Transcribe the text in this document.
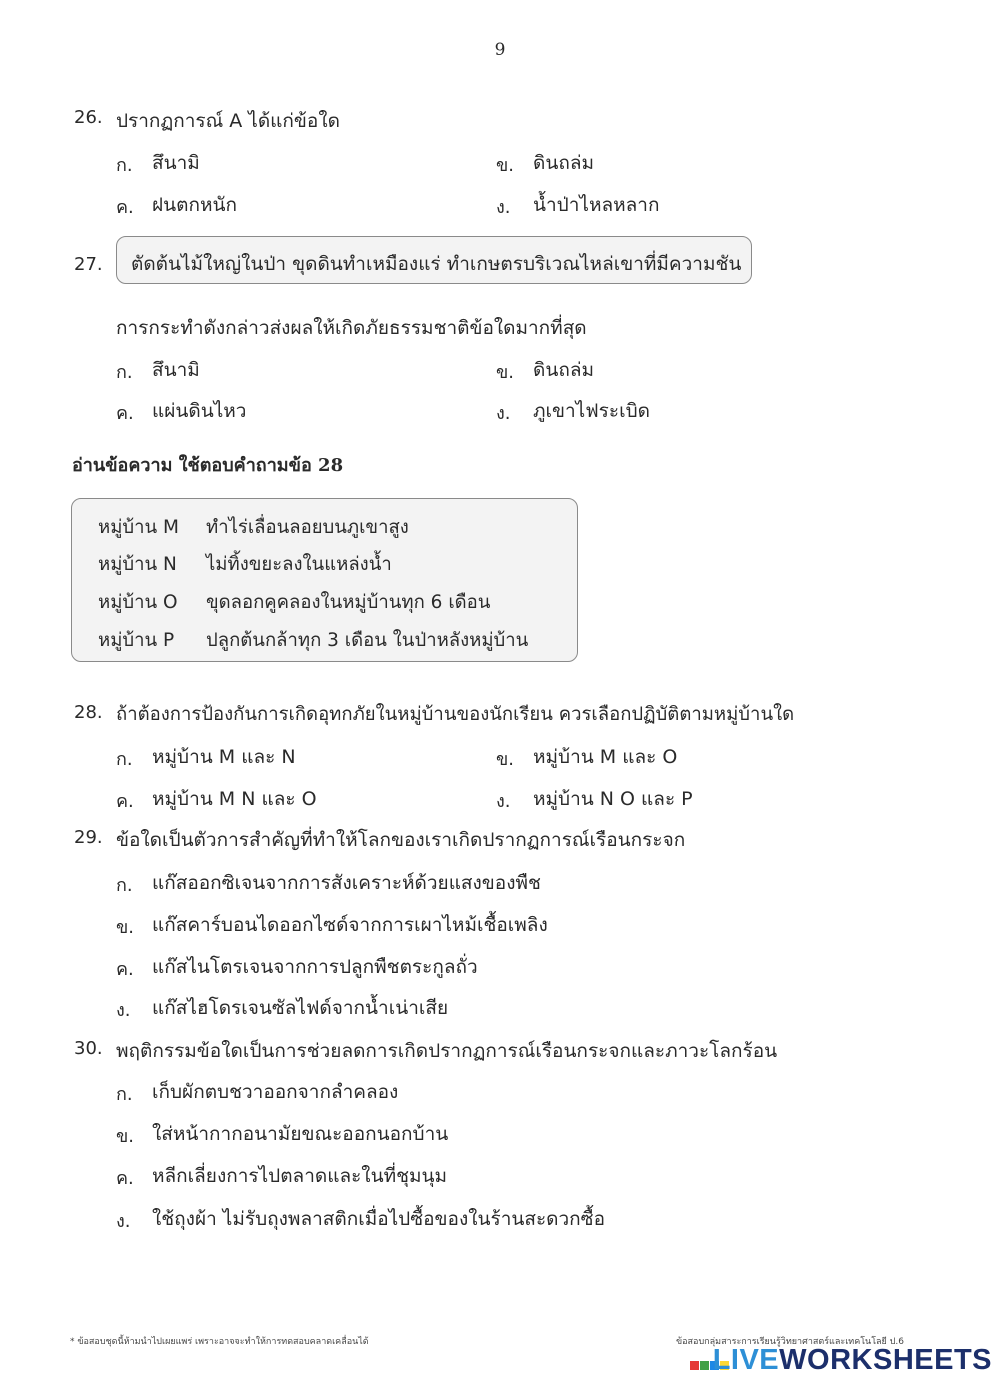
9
26. ปรากฏการณ์ A ได้แก่ข้อใด
ก. สึนามิ	ข. ดินถล่ม
ค. ฝนตกหนัก	ง. น้ำป่าไหลหลาก
27. ตัดต้นไม้ใหญ่ในป่า ขุดดินทำเหมืองแร่ ทำเกษตรบริเวณไหล่เขาที่มีความชัน
การกระทำดังกล่าวส่งผลให้เกิดภัยธรรมชาติข้อใดมากที่สุด
ก. สึนามิ	ข. ดินถล่ม
ค. แผ่นดินไหว	ง. ภูเขาไฟระเบิด
อ่านข้อความ ใช้ตอบคำถามข้อ 28
หมู่บ้าน M ทำไร่เลื่อนลอยบนภูเขาสูง
หมู่บ้าน N ไม่ทิ้งขยะลงในแหล่งน้ำ
หมู่บ้าน O ขุดลอกคูคลองในหมู่บ้านทุก 6 เดือน
หมู่บ้าน P ปลูกต้นกล้าทุก 3 เดือน ในป่าหลังหมู่บ้าน
28. ถ้าต้องการป้องกันการเกิดอุทกภัยในหมู่บ้านของนักเรียน ควรเลือกปฏิบัติตามหมู่บ้านใด
ก. หมู่บ้าน M และ N	ข. หมู่บ้าน M และ O
ค. หมู่บ้าน M N และ O	ง. หมู่บ้าน N O และ P
29. ข้อใดเป็นตัวการสำคัญที่ทำให้โลกของเราเกิดปรากฏการณ์เรือนกระจก
ก. แก๊สออกซิเจนจากการสังเคราะห์ด้วยแสงของพืช
ข. แก๊สคาร์บอนไดออกไซด์จากการเผาไหม้เชื้อเพลิง
ค. แก๊สไนโตรเจนจากการปลูกพืชตระกูลถั่ว
ง. แก๊สไฮโดรเจนซัลไฟด์จากน้ำเน่าเสีย
30. พฤติกรรมข้อใดเป็นการช่วยลดการเกิดปรากฏการณ์เรือนกระจกและภาวะโลกร้อน
ก. เก็บผักตบชวาออกจากลำคลอง
ข. ใส่หน้ากากอนามัยขณะออกนอกบ้าน
ค. หลีกเลี่ยงการไปตลาดและในที่ชุมนุม
ง. ใช้ถุงผ้า ไม่รับถุงพลาสติกเมื่อไปซื้อของในร้านสะดวกซื้อ
* ข้อสอบชุดนี้ห้ามนำไปเผยแพร่ เพราะอาจจะทำให้การทดสอบคลาดเคลื่อนได้	ข้อสอบกลุ่มสาระการเรียนรู้วิทยาศาสตร์และเทคโนโลยี ป.6
LIVEWORKSHEETS
